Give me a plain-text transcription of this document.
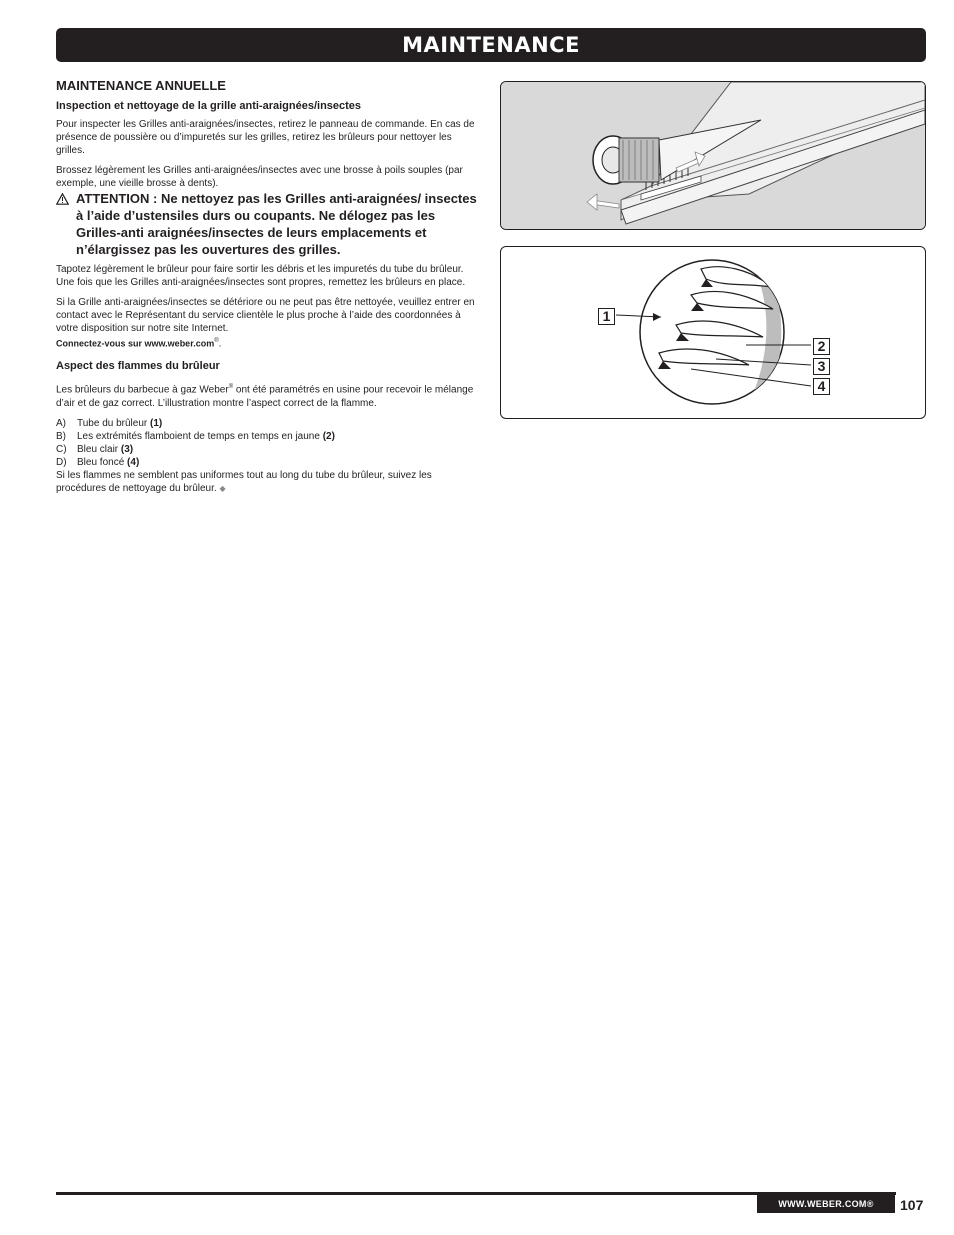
MAINTENANCE
MAINTENANCE ANNUELLE
Inspection et nettoyage de la grille anti-araignées/insectes

Pour inspecter les Grilles anti-araignées/insectes, retirez le panneau de commande. En cas de présence de poussière ou d’impuretés sur les grilles, retirez les brûleurs pour nettoyer les grilles.

Brossez légèrement les Grilles anti-araignées/insectes avec une brosse à poils souples (par exemple, une vieille brosse à dents).

ATTENTION : Ne nettoyez pas les Grilles anti-araignées/ insectes à l’aide d’ustensiles durs ou coupants. Ne délogez pas les Grilles-anti araignées/insectes de leurs emplacements et n’élargissez pas les ouvertures des grilles.

Tapotez légèrement le brûleur pour faire sortir les débris et les impuretés du tube du brûleur. Une fois que les Grilles anti-araignées/insectes sont propres, remettez les brûleurs en place.

Si la Grille anti-araignées/insectes se détériore ou ne peut pas être nettoyée, veuillez entrer en contact avec le Représentant du service clientèle le plus proche à l’aide des coordonnées à votre disposition sur notre site Internet.
Connectez-vous sur www.weber.com®.

Aspect des flammes du brûleur

Les brûleurs du barbecue à gaz Weber® ont été paramétrés en usine pour recevoir le mélange d’air et de gaz correct. L’illustration montre l’aspect correct de la flamme.

A)	Tube du brûleur (1)
B)	Les extrémités flamboient de temps en temps en jaune (2)
C)	Bleu clair (3)
D)	Bleu foncé (4)

Si les flammes ne semblent pas uniformes tout au long du tube du brûleur, suivez les procédures de nettoyage du brûleur. ◆

1
2
3
4
WWW.WEBER.COM®	107
